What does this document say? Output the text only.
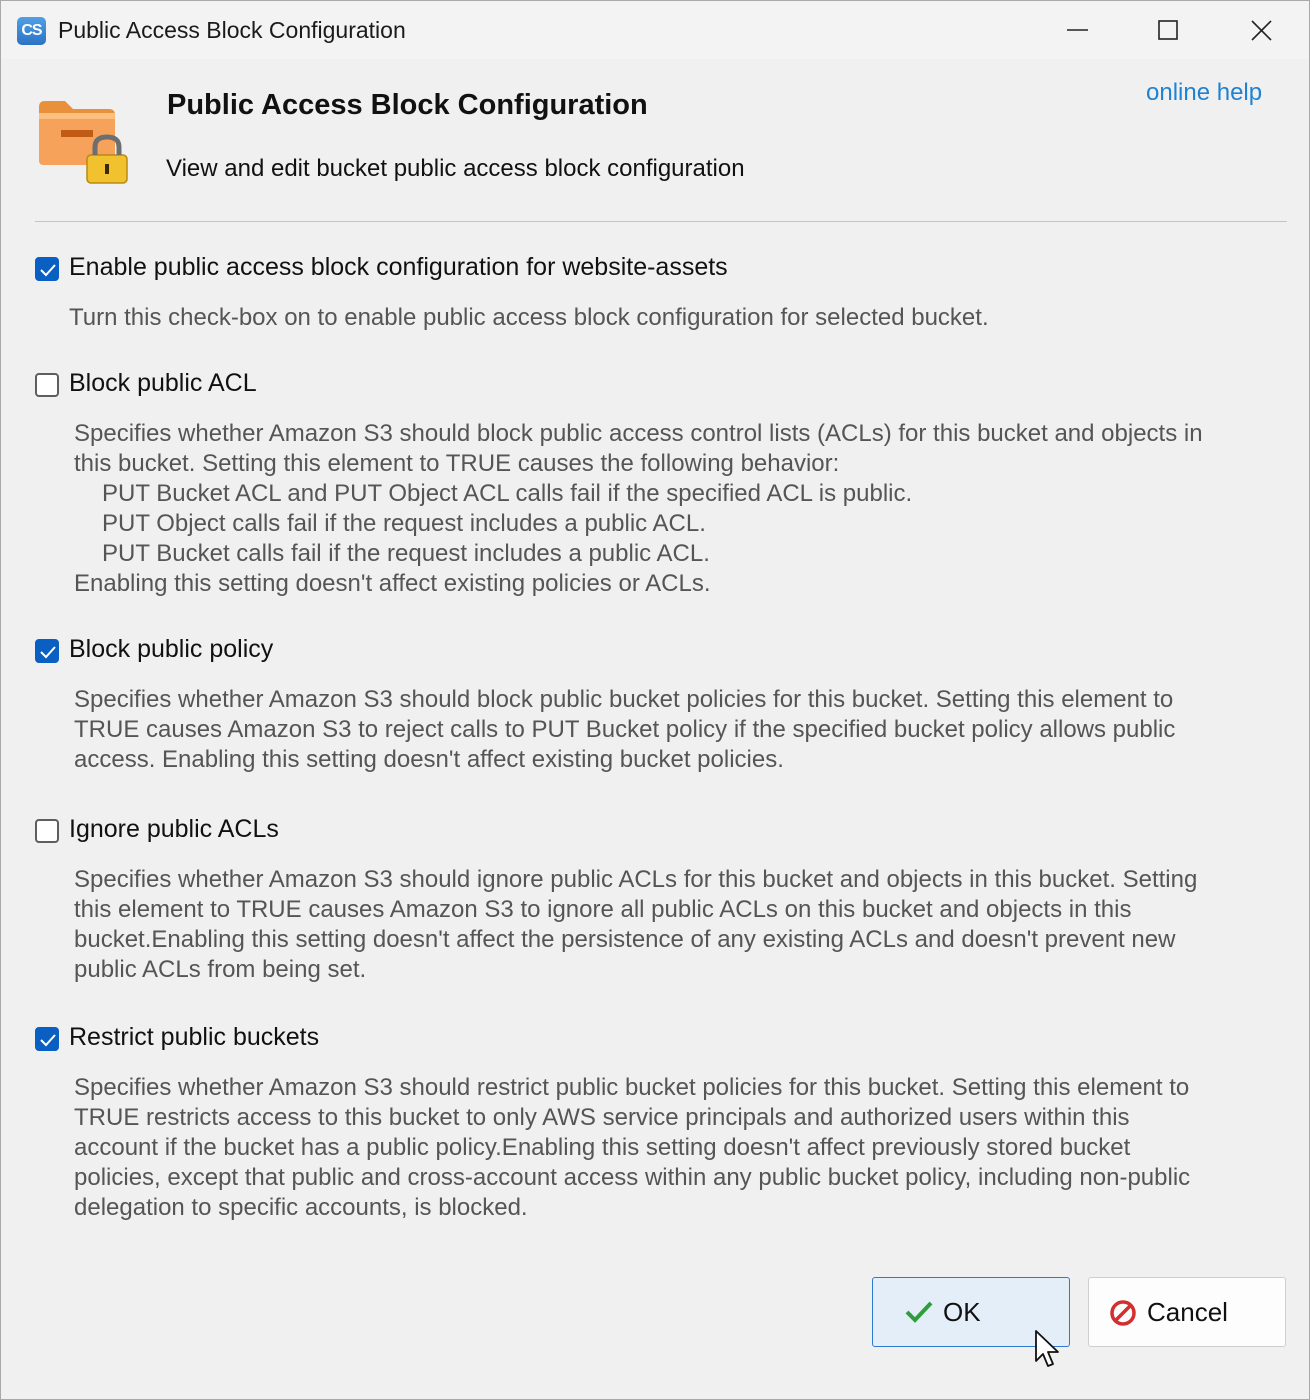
CS Public Access Block Configuration
Public Access Block Configuration
View and edit bucket public access block configuration
online help
Enable public access block configuration for website-assets
Turn this check-box on to enable public access block configuration for selected bucket.
Block public ACL
Specifies whether Amazon S3 should block public access control lists (ACLs) for this bucket and objects in
this bucket. Setting this element to TRUE causes the following behavior:
PUT Bucket ACL and PUT Object ACL calls fail if the specified ACL is public.
PUT Object calls fail if the request includes a public ACL.
PUT Bucket calls fail if the request includes a public ACL.
Enabling this setting doesn't affect existing policies or ACLs.
Block public policy
Specifies whether Amazon S3 should block public bucket policies for this bucket. Setting this element to
TRUE causes Amazon S3 to reject calls to PUT Bucket policy if the specified bucket policy allows public
access. Enabling this setting doesn't affect existing bucket policies.
Ignore public ACLs
Specifies whether Amazon S3 should ignore public ACLs for this bucket and objects in this bucket. Setting
this element to TRUE causes Amazon S3 to ignore all public ACLs on this bucket and objects in this
bucket.Enabling this setting doesn't affect the persistence of any existing ACLs and doesn't prevent new
public ACLs from being set.
Restrict public buckets
Specifies whether Amazon S3 should restrict public bucket policies for this bucket. Setting this element to
TRUE restricts access to this bucket to only AWS service principals and authorized users within this
account if the bucket has a public policy.Enabling this setting doesn't affect previously stored bucket
policies, except that public and cross-account access within any public bucket policy, including non-public
delegation to specific accounts, is blocked.
OK	Cancel
